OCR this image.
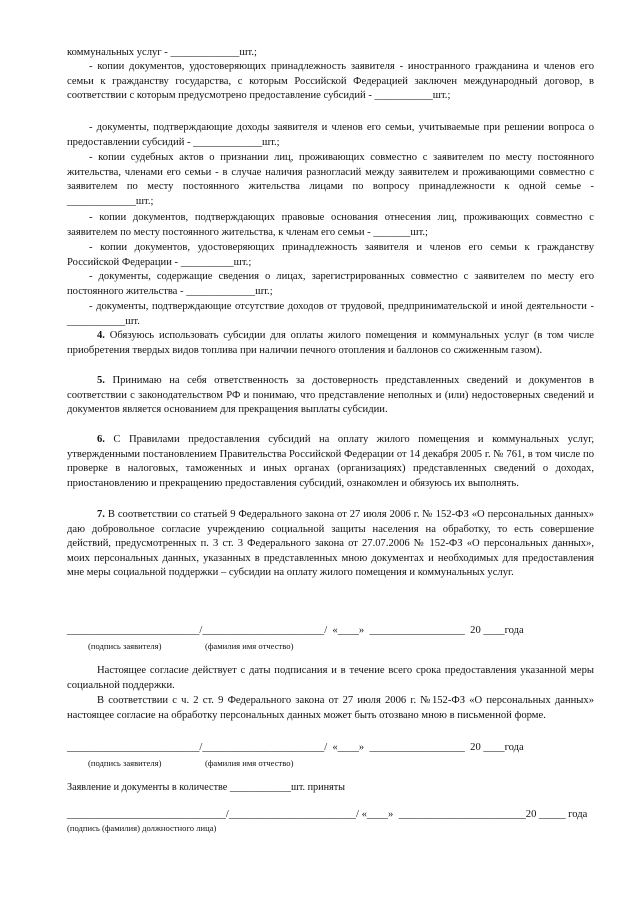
коммунальных услуг - _____________шт.;

- копии документов, удостоверяющих принадлежность заявителя - иностранного гражданина и членов его семьи к гражданству государства, с которым Российской Федерацией заключен международный договор, в соответствии с которым предусмотрено предоставление субсидий - ___________шт.;

- документы, подтверждающие доходы заявителя и членов его семьи, учитываемые при решении вопроса о предоставлении субсидий - _____________шт.;

- копии судебных актов о признании лиц, проживающих совместно с заявителем по месту постоянного жительства, членами его семьи - в случае наличия разногласий между заявителем и проживающими совместно с заявителем по месту постоянного жительства лицами по вопросу принадлежности к одной семье - _____________шт.;

- копии документов, подтверждающих правовые основания отнесения лиц, проживающих совместно с заявителем по месту постоянного жительства, к членам его семьи - _______шт.;

- копии документов, удостоверяющих принадлежность заявителя и членов его семьи к гражданству Российской Федерации - __________шт.;

- документы, содержащие сведения о лицах, зарегистрированных совместно с заявителем по месту его постоянного жительства - _____________шт.;

- документы, подтверждающие отсутствие доходов от трудовой, предпринимательской и иной деятельности - ___________шт.

4. Обязуюсь использовать субсидии для оплаты жилого помещения и коммунальных услуг (в том числе приобретения твердых видов топлива при наличии печного отопления и баллонов со сжиженным газом).

5. Принимаю на себя ответственность за достоверность представленных сведений и документов в соответствии с законодательством РФ и понимаю, что представление неполных и (или) недостоверных сведений и документов является основанием для прекращения выплаты субсидии.

6. С Правилами предоставления субсидий на оплату жилого помещения и коммунальных услуг, утвержденными постановлением Правительства Российской Федерации от 14 декабря 2005 г. № 761, в том числе по проверке в налоговых, таможенных и иных органах (организациях) представленных сведений о доходах, приостановлению и прекращению предоставления субсидий, ознакомлен и обязуюсь их выполнять.

7. В соответствии со статьей 9 Федерального закона от 27 июля 2006 г. № 152-ФЗ «О персональных данных» даю добровольное согласие учреждению социальной защиты населения на обработку, то есть совершение действий, предусмотренных п. 3 ст. 3 Федерального закона от 27.07.2006 № 152-ФЗ «О персональных данных», моих персональных данных, указанных в представленных мною документах и необходимых для предоставления мне меры социальной поддержки – субсидии на оплату жилого помещения и коммунальных услуг.

_________________________/_______________________/  «____»  __________________  20 ____года
(подпись заявителя)	(фамилия имя отчество)

Настоящее согласие действует с даты подписания и в течение всего срока предоставления указанной меры социальной поддержки.

В соответствии с ч. 2 ст. 9 Федерального закона от 27 июля 2006 г. №152-ФЗ «О персональных данных» настоящее согласие на обработку персональных данных может быть отозвано мною в письменной форме.

_________________________/_______________________/  «____»  __________________  20 ____года
(подпись заявителя)	(фамилия имя отчество)

Заявление и документы в количестве ____________шт. приняты

______________________________/________________________/ «____»  ________________________20 _____ года
(подпись (фамилия) должностного лица)
